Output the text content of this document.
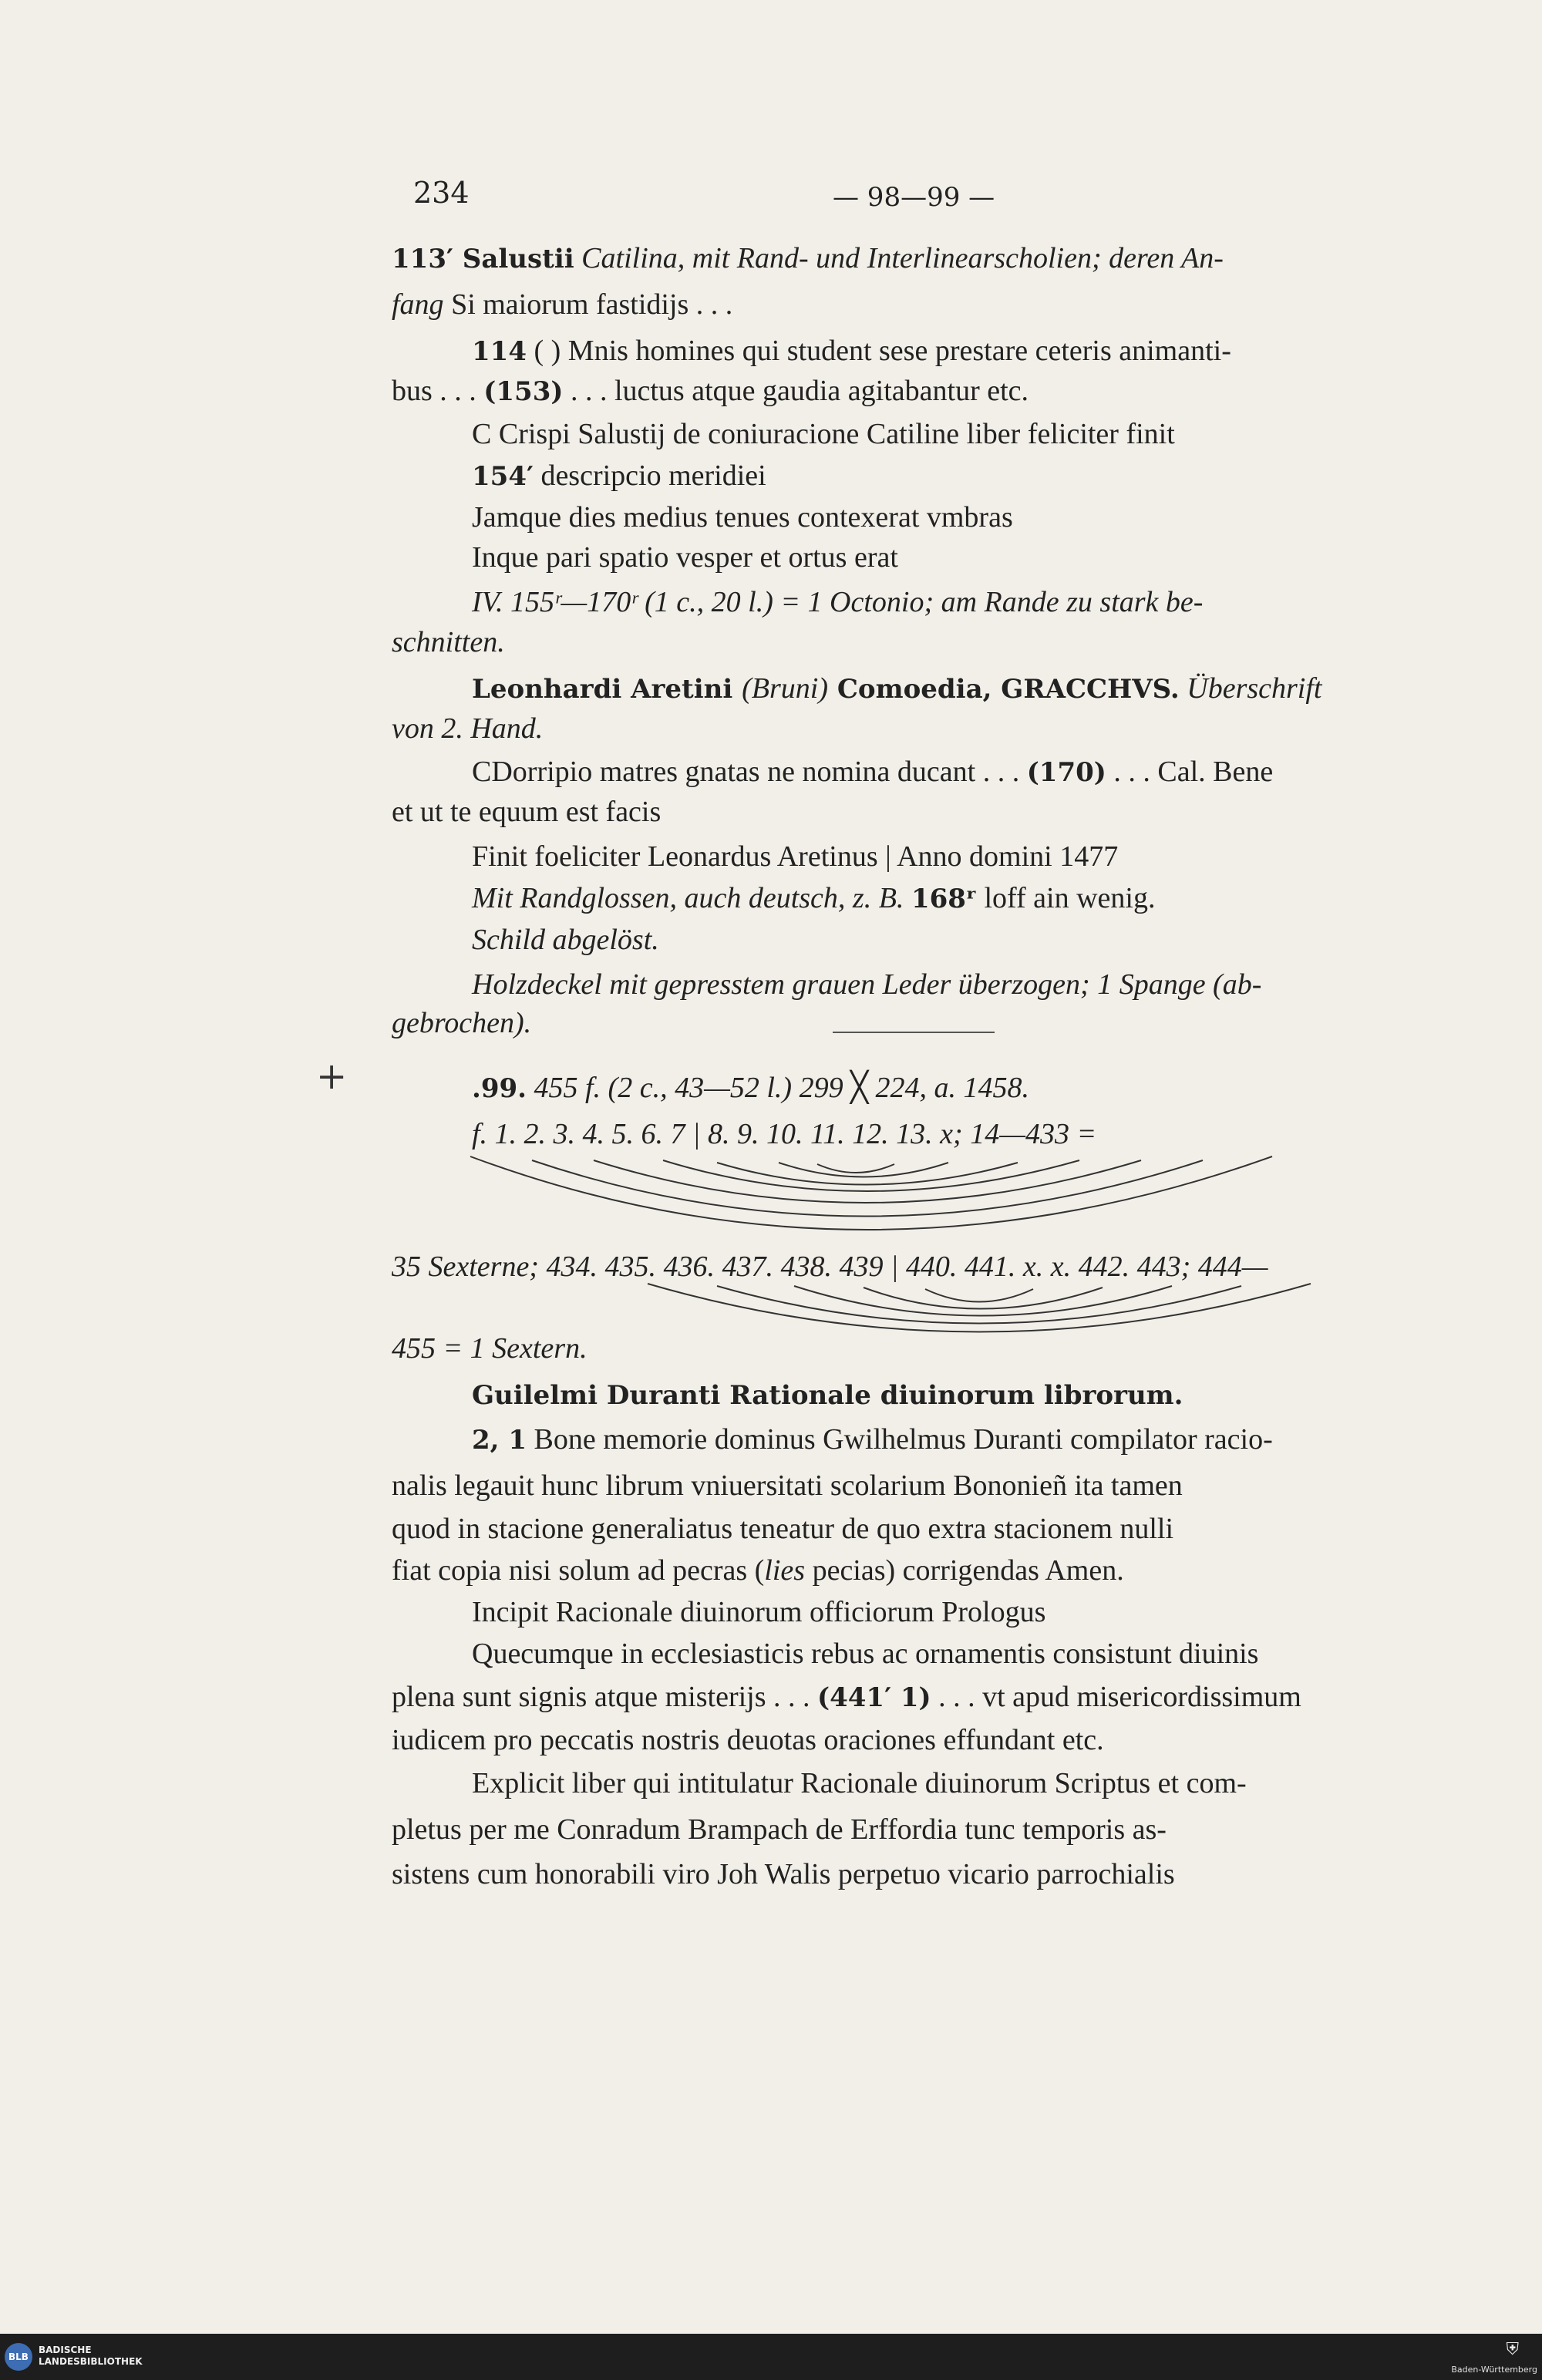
234	— 98—99 —
+
113′ Salustii Catilina, mit Rand- und Interlinearscholien; deren An-
fang Si maiorum fastidijs . . .
114 ( ) Mnis homines qui student sese prestare ceteris animanti-
bus . . . (153) . . . luctus atque gaudia agitabantur etc.
C Crispi Salustij de coniuracione Catiline liber feliciter finit
154′ descripcio meridiei
Jamque dies medius tenues contexerat vmbras
Inque pari spatio vesper et ortus erat
IV. 155ʳ—170ʳ (1 c., 20 l.) = 1 Octonio; am Rande zu stark be-
schnitten.
Leonhardi Aretini (Bruni) Comoedia, GRACCHVS. Überschrift
von 2. Hand.
CDorripio matres gnatas ne nomina ducant . . . (170) . . . Cal. Bene
et ut te equum est facis
Finit foeliciter Leonardus Aretinus | Anno domini 1477
Mit Randglossen, auch deutsch, z. B. 168ʳ lo͘ff ain wenig.
Schild abgelöst.
Holzdeckel mit gepresstem grauen Leder überzogen; 1 Spange (ab-
gebrochen).
.99. 455 f. (2 c., 43—52 l.) 299 ╳ 224, a. 1458.
f. 1. 2. 3. 4. 5. 6. 7 | 8. 9. 10. 11. 12. 13. x; 14—433 =
35 Sexterne; 434. 435. 436. 437. 438. 439 | 440. 441. x. x. 442. 443; 444—
455 = 1 Sextern.
Guilelmi Duranti Rationale diuinorum librorum.
2, 1 Bone memorie dominus Gwilhelmus Duranti compilator racio-
nalis legauit hunc librum vniuersitati scolarium Bononieñ ita tamen
quod in stacione generaliatus teneatur de quo extra stacionem nulli
fiat copia nisi solum ad pecras (lies pecias) corrigendas Amen.
Incipit Racionale diuinorum officiorum Prologus
Quecumque in ecclesiasticis rebus ac ornamentis consistunt diuinis
plena sunt signis atque misterijs . . . (441′ 1) . . . vt apud misericordissimum
iudicem pro peccatis nostris deuotas oraciones effundant etc.
Explicit liber qui intitulatur Racionale diuinorum Scriptus et com-
pletus per me Conradum Brampach de Erffordia tunc temporis as-
sistens cum honorabili viro Joh Walis perpetuo vicario parrochialis
BLB
BADISCHE
LANDESBIBLIOTHEK
⛨
Baden-Württemberg
